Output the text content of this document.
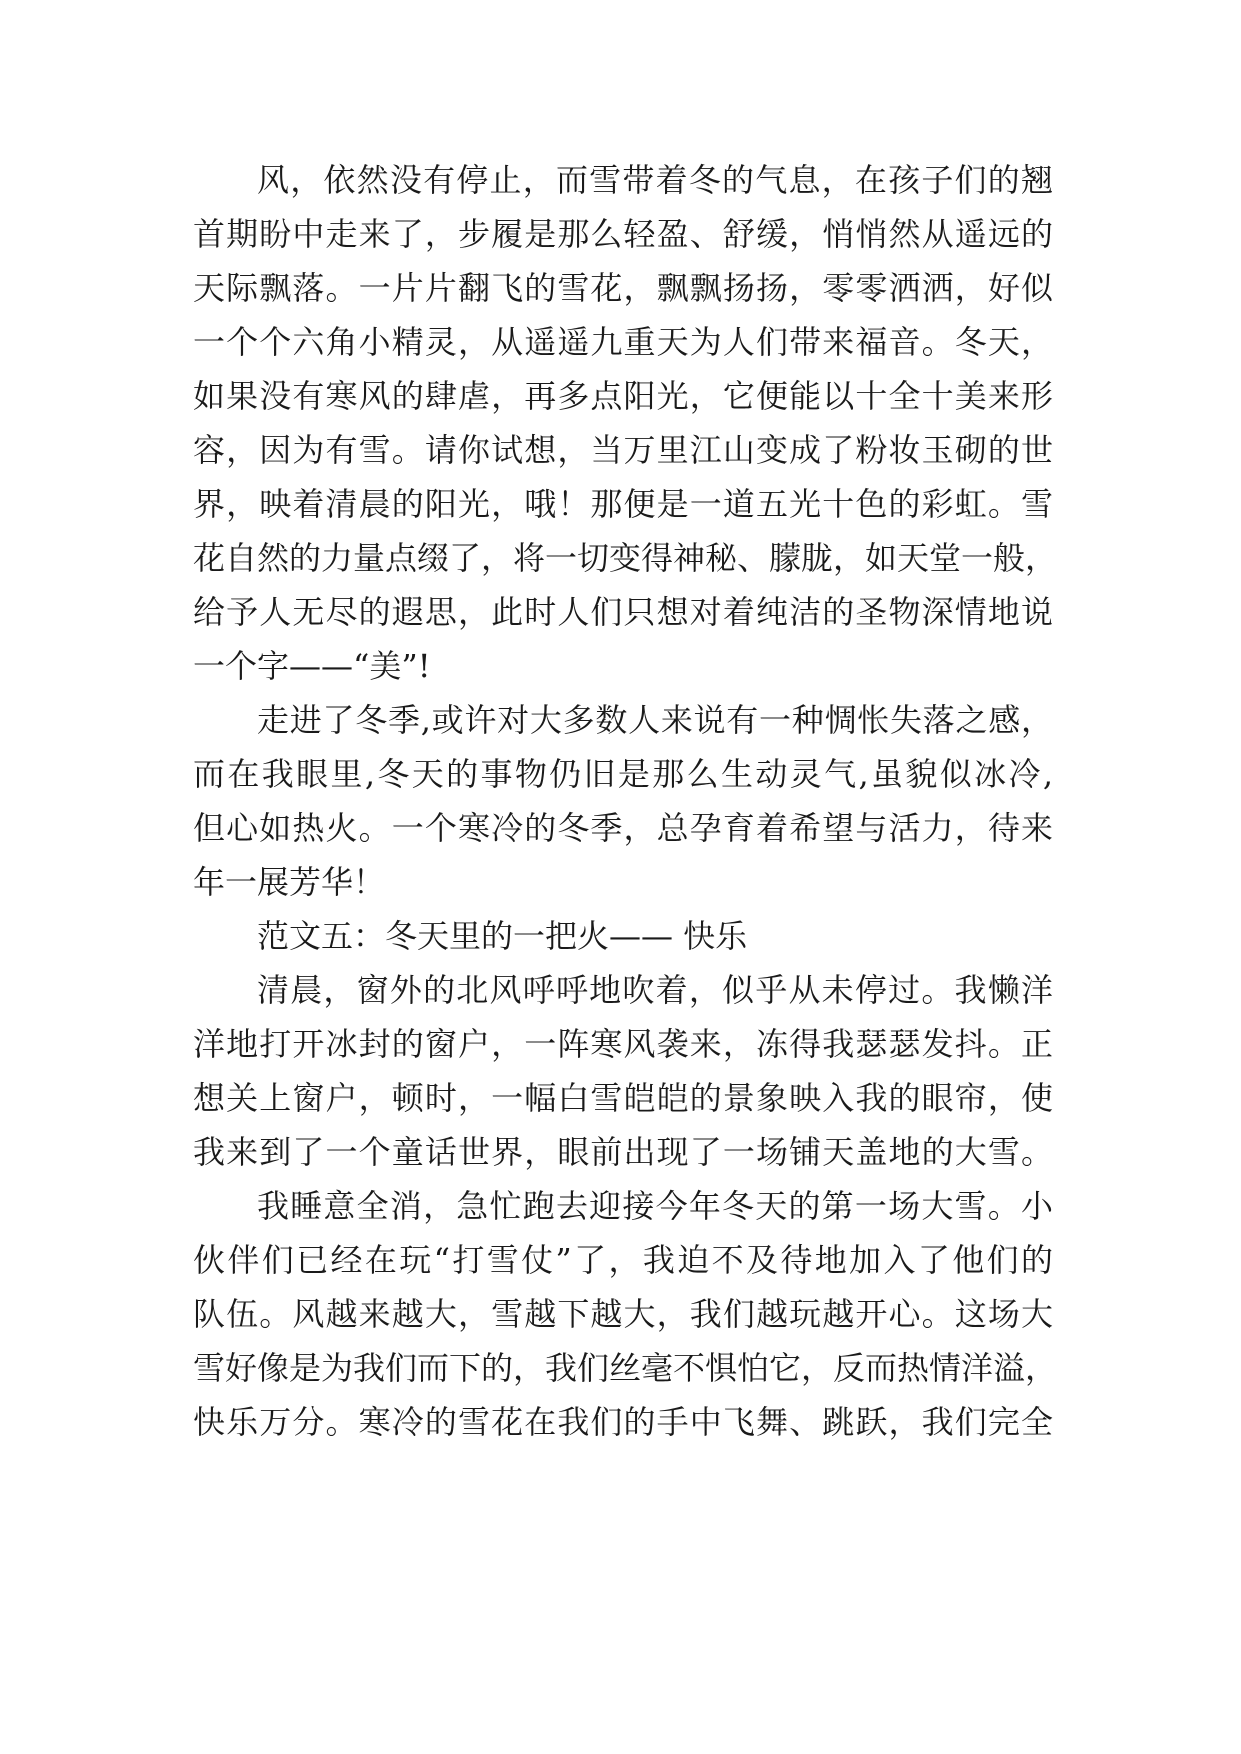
风，依然没有停止，而雪带着冬的气息，在孩子们的翘
首期盼中走来了，步履是那么轻盈、舒缓，悄悄然从遥远的
天际飘落。一片片翻飞的雪花，飘飘扬扬，零零洒洒，好似
一个个六角小精灵，从遥遥九重天为人们带来福音。冬天，
如果没有寒风的肆虐，再多点阳光，它便能以十全十美来形
容，因为有雪。请你试想，当万里江山变成了粉妆玉砌的世
界，映着清晨的阳光，哦！那便是一道五光十色的彩虹。雪
花自然的力量点缀了，将一切变得神秘、朦胧，如天堂一般，
给予人无尽的遐思，此时人们只想对着纯洁的圣物深情地说
一个字——“美”!
走进了冬季,或许对大多数人来说有一种惆怅失落之感，
而在我眼里,冬天的事物仍旧是那么生动灵气,虽貌似冰冷,
但心如热火。一个寒冷的冬季，总孕育着希望与活力，待来
年一展芳华！
范文五：冬天里的一把火—— 快乐
清晨，窗外的北风呼呼地吹着，似乎从未停过。我懒洋
洋地打开冰封的窗户，一阵寒风袭来，冻得我瑟瑟发抖。正
想关上窗户，顿时，一幅白雪皑皑的景象映入我的眼帘，使
我来到了一个童话世界，眼前出现了一场铺天盖地的大雪。
我睡意全消，急忙跑去迎接今年冬天的第一场大雪。小
伙伴们已经在玩“打雪仗”了，我迫不及待地加入了他们的
队伍。风越来越大，雪越下越大，我们越玩越开心。这场大
雪好像是为我们而下的，我们丝毫不惧怕它，反而热情洋溢，
快乐万分。寒冷的雪花在我们的手中飞舞、跳跃，我们完全
